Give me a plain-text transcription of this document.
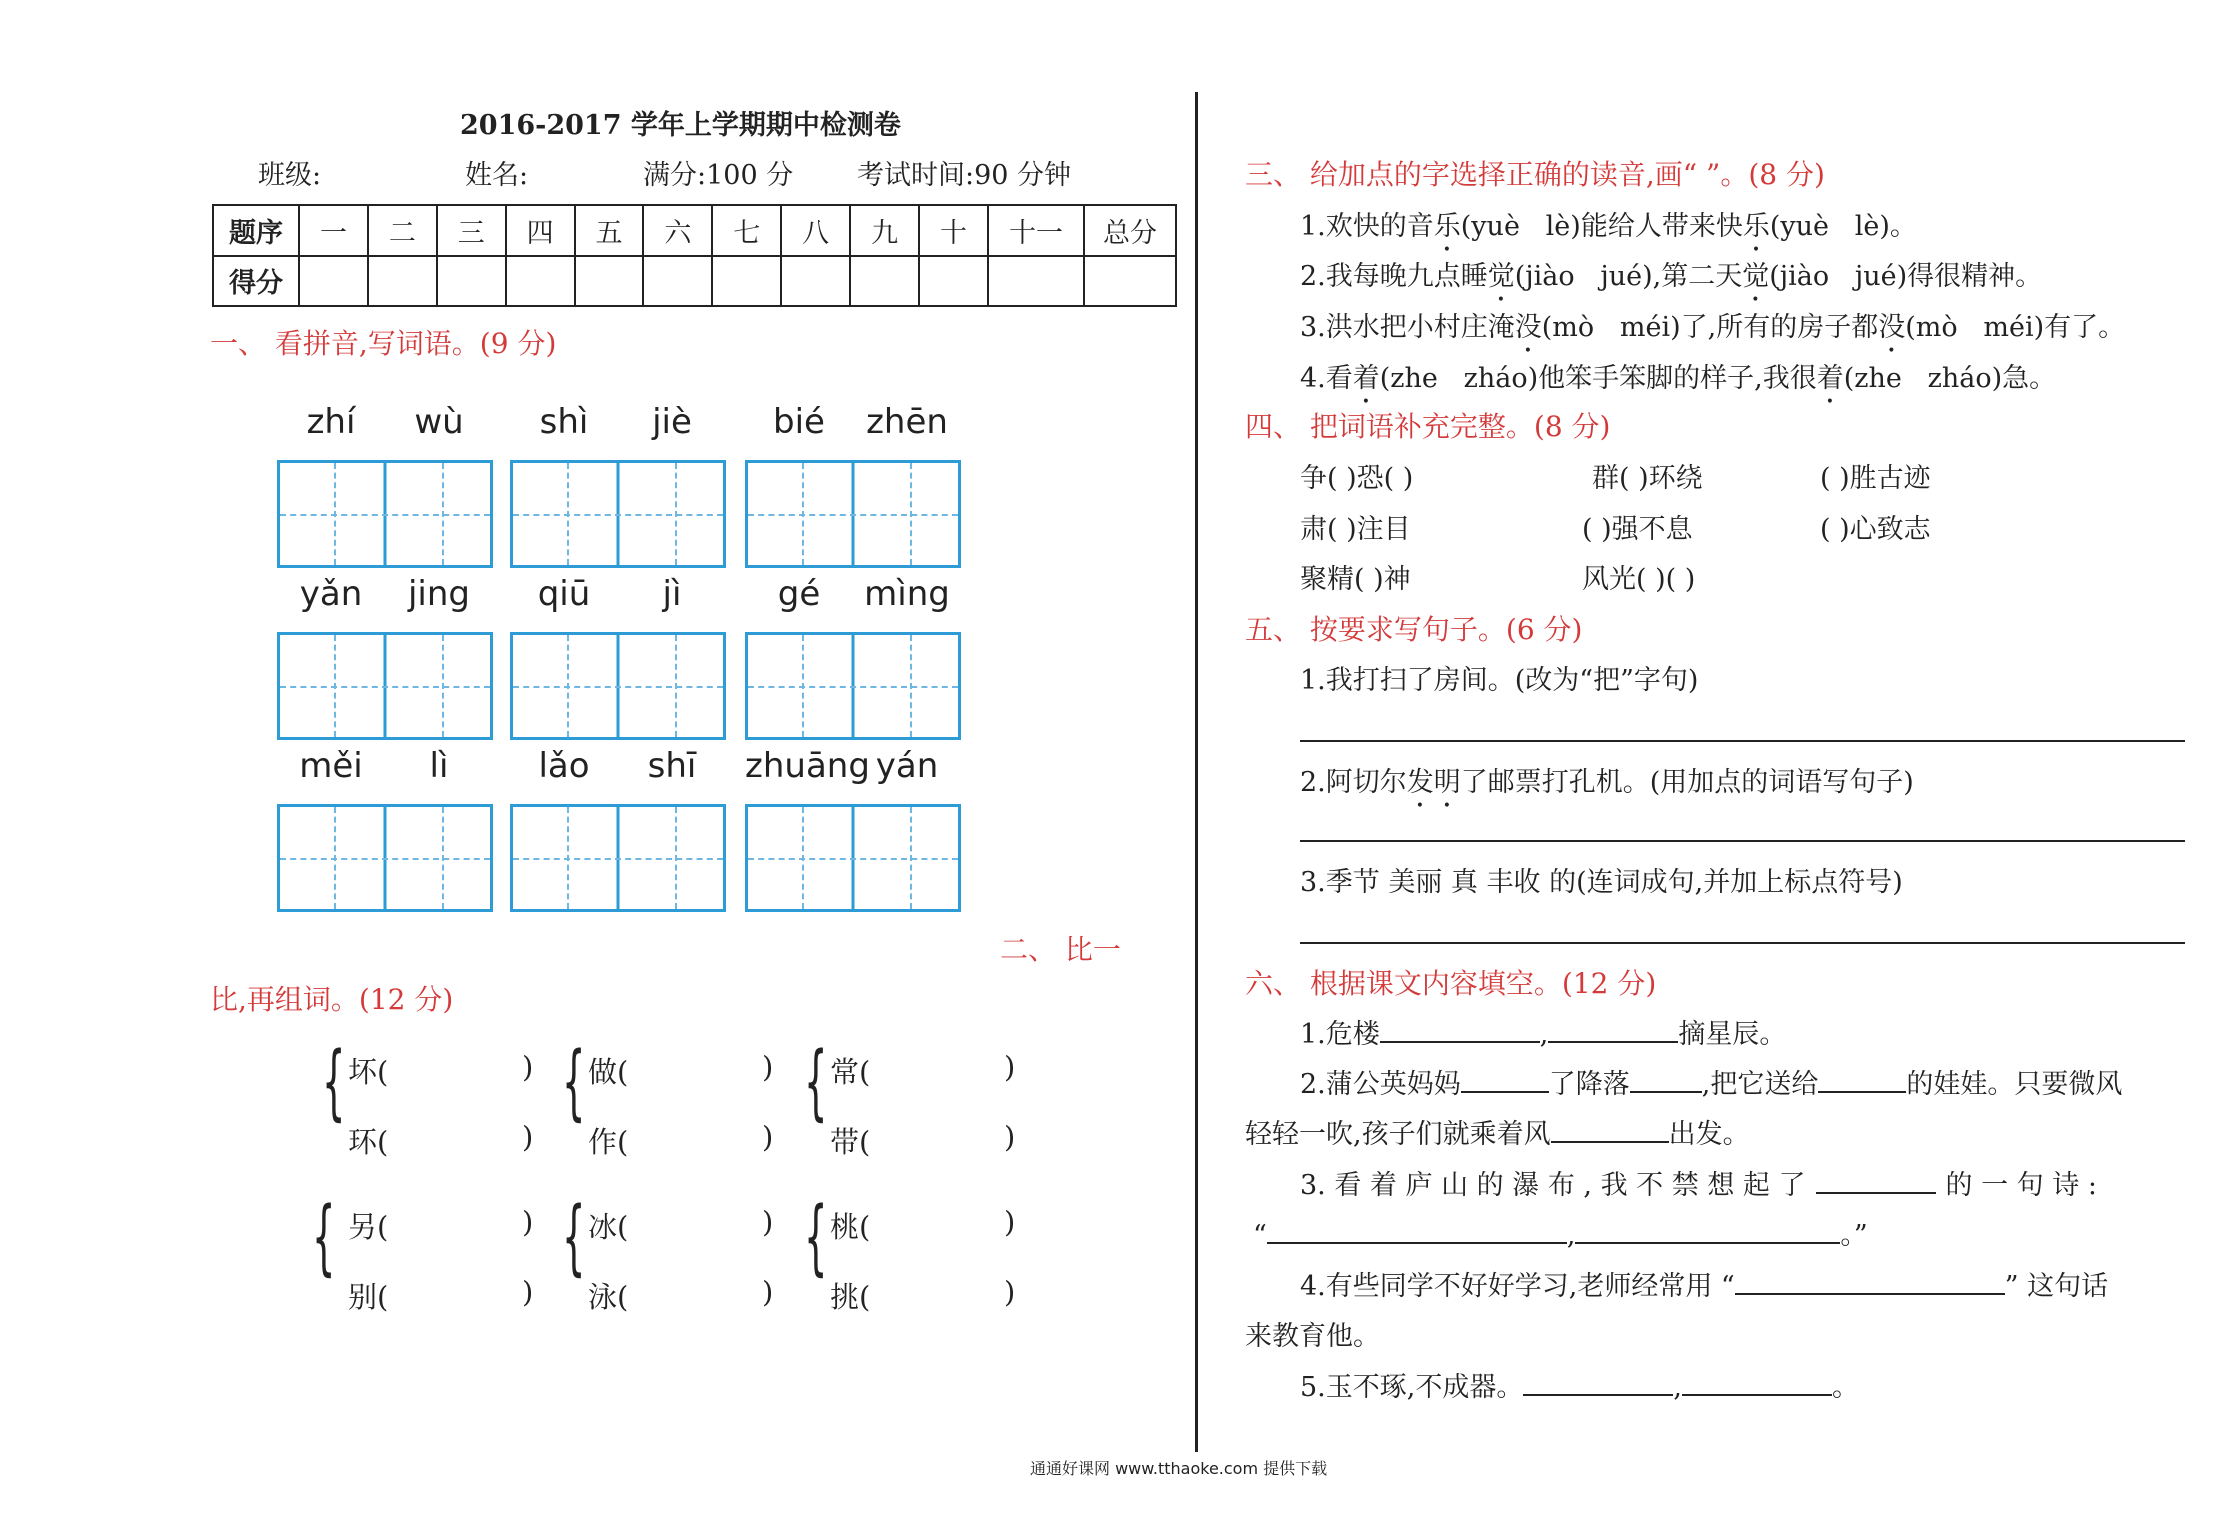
2016-2017 学年上学期期中检测卷
班级:	姓名:	满分:100 分 考试时间:90 分钟
题序	一	二	三	四	五	六	七	八	九	十	十一	总分
得分												
一、 看拼音,写词语。(9 分)
zhí	wù	shì	jiè	bié	zhēn
yǎn	jing	qiū	jì	gé	mìng
měi	lì	lǎo	shī	zhuāng yán
二、 比一
比,再组词。(12 分)
{ 坏(	)
环(	)
{ 做(	)
作(	)
{ 常(	)
带(	)
{ 另(	)
别(	)
{ 冰(	)
泳(	)
{ 桃(	)
挑(	)
三、 给加点的字选择正确的读音,画“ ”。(8 分)
1.欢快的音乐(yuè   lè)能给人带来快乐(yuè   lè)。
2.我每晚九点睡觉(jiào   jué),第二天觉(jiào   jué)得很精神。
3.洪水把小村庄淹没(mò   méi)了,所有的房子都没(mò   méi)有了。
4.看着(zhe   zháo)他笨手笨脚的样子,我很着(zhe   zháo)急。
四、 把词语补充完整。(8 分)
争( )恐( )	群( )环绕	( )胜古迹
肃( )注目	( )强不息	( )心致志
聚精( )神	风光( )( )
五、 按要求写句子。(6 分)
1.我打扫了房间。(改为“把”字句)
2.阿切尔发明了邮票打孔机。(用加点的词语写句子)
3.季节 美丽 真 丰收 的(连词成句,并加上标点符号)
六、 根据课文内容填空。(12 分)
1.危楼	,	摘星辰。
2.蒲公英妈妈	了降落	,把它送给	的娃娃。只要微风
轻轻一吹,孩子们就乘着风	出发。
3. 看 着 庐 山 的 瀑 布 , 我 不 禁 想 起 了	的 一 句 诗 :
“	,	。”
4.有些同学不好好学习,老师经常用 “	” 这句话
来教育他。
5.玉不琢,不成器。	,	。
通通好课网 www.tthaoke.com 提供下载
